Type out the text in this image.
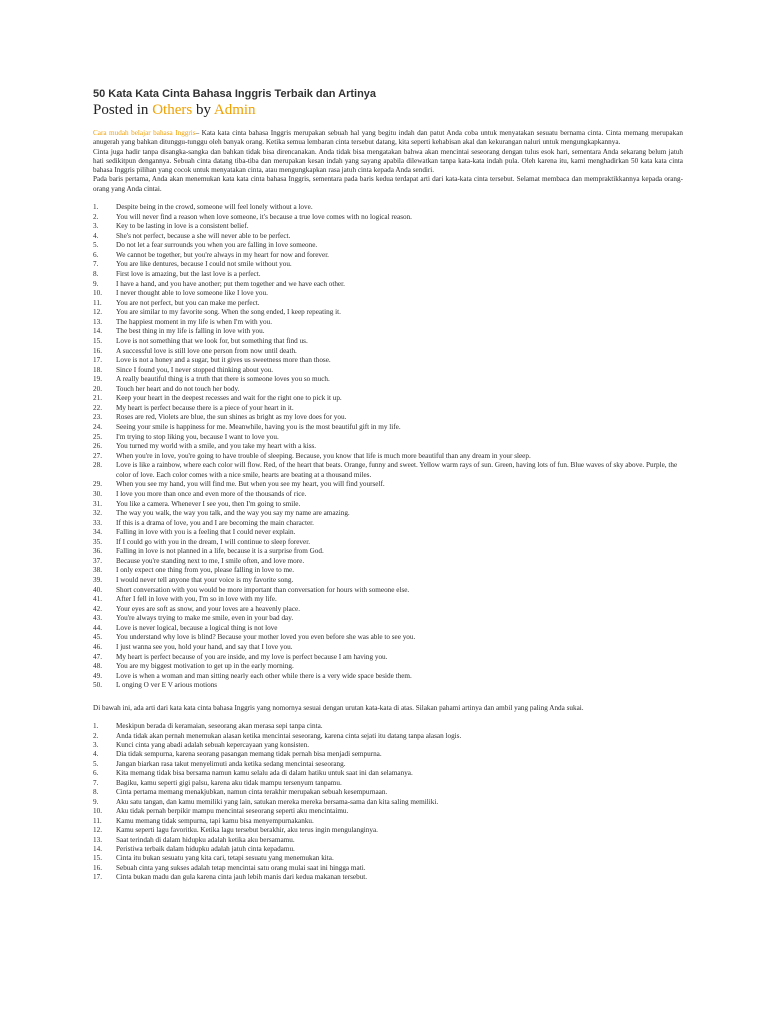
50 Kata Kata Cinta Bahasa Inggris Terbaik dan Artinya
Posted in Others by Admin

Cara mudah belajar bahasa Inggris– Kata kata cinta bahasa Inggris merupakan sebuah hal yang begitu indah dan patut Anda coba untuk menyatakan sesuatu bernama cinta. Cinta memang merupakan anugerah yang bahkan ditunggu-tunggu oleh banyak orang. Ketika semua lembaran cinta tersebut datang, kita seperti kehabisan akal dan kekurangan naluri untuk mengungkapkannya.

Cinta juga hadir tanpa disangka-sangka dan bahkan tidak bisa direncanakan. Anda tidak bisa mengatakan bahwa akan mencintai seseorang dengan tulus esok hari, sementara Anda sekarang belum jatuh hati sedikitpun dengannya. Sebuah cinta datang tiba-tiba dan merupakan kesan indah yang sayang apabila dilewatkan tanpa kata-kata indah pula. Oleh karena itu, kami menghadirkan 50 kata kata cinta bahasa Inggris pilihan yang cocok untuk menyatakan cinta, atau mengungkapkan rasa jatuh cinta kepada Anda sendiri.

Pada baris pertama, Anda akan menemukan kata kata cinta bahasa Inggris, sementara pada baris kedua terdapat arti dari kata-kata cinta tersebut. Selamat membaca dan mempraktikkannya kepada orang-orang yang Anda cintai.

1.	Despite being in the crowd, someone will feel lonely without a love.
2.	You will never find a reason when love someone, it's because a true love comes with no logical reason.
3.	Key to be lasting in love is a consistent belief.
4.	She's not perfect, because a she will never able to be perfect.
5.	Do not let a fear surrounds you when you are falling in love someone.
6.	We cannot be together, but you're always in my heart for now and forever.
7.	You are like dentures, because I could not smile without you.
8.	First love is amazing, but the last love is a perfect.
9.	I have a hand, and you have another; put them together and we have each other.
10.	I never thought able to love someone like I love you.
11.	You are not perfect, but you can make me perfect.
12.	You are similar to my favorite song. When the song ended, I keep repeating it.
13.	The happiest moment in my life is when I'm with you.
14.	The best thing in my life is falling in love with you.
15.	Love is not something that we look for, but something that find us.
16.	A successful love is still love one person from now until death.
17.	Love is not a honey and a sugar, but it gives us sweetness more than those.
18.	Since I found you, I never stopped thinking about you.
19.	A really beautiful thing is a truth that there is someone loves you so much.
20.	Touch her heart and do not touch her body.
21.	Keep your heart in the deepest recesses and wait for the right one to pick it up.
22.	My heart is perfect because there is a piece of your heart in it.
23.	Roses are red, Violets are blue, the sun shines as bright as my love does for you.
24.	Seeing your smile is happiness for me. Meanwhile, having you is the most beautiful gift in my life.
25.	I'm trying to stop liking you, because I want to love you.
26.	You turned my world with a smile, and you take my heart with a kiss.
27.	When you're in love, you're going to have trouble of sleeping. Because, you know that life is much more beautiful than any dream in your sleep.
28.	Love is like a rainbow, where each color will flow. Red, of the heart that beats. Orange, funny and sweet. Yellow warm rays of sun. Green, having lots of fun. Blue waves of sky above. Purple, the color of love. Each color comes with a nice smile, hearts are beating at a thousand miles.
29.	When you see my hand, you will find me. But when you see my heart, you will find yourself.
30.	I love you more than once and even more of the thousands of rice.
31.	You like a camera. Whenever I see you, then I'm going to smile.
32.	The way you walk, the way you talk, and the way you say my name are amazing.
33.	If this is a drama of love, you and I are becoming the main character.
34.	Falling in love with you is a feeling that I could never explain.
35.	If I could go with you in the dream, I will continue to sleep forever.
36.	Falling in love is not planned in a life, because it is a surprise from God.
37.	Because you're standing next to me, I smile often, and love more.
38.	I only expect one thing from you, please falling in love to me.
39.	I would never tell anyone that your voice is my favorite song.
40.	Short conversation with you would be more important than conversation for hours with someone else.
41.	After I fell in love with you, I'm so in love with my life.
42.	Your eyes are soft as snow, and your loves are a heavenly place.
43.	You're always trying to make me smile, even in your bad day.
44.	Love is never logical, because a logical thing is not love
45.	You understand why love is blind? Because your mother loved you even before she was able to see you.
46.	I just wanna see you, hold your hand, and say that I love you.
47.	My heart is perfect because of you are inside, and my love is perfect because I am having you.
48.	You are my biggest motivation to get up in the early morning.
49.	Love is when a woman and man sitting nearly each other while there is a very wide space beside them.
50.	L onging O ver E V arious motions

Di bawah ini, ada arti dari kata kata cinta bahasa Inggris yang nomornya sesuai dengan urutan kata-kata di atas. Silakan pahami artinya dan ambil yang paling Anda sukai.

1.	Meskipun berada di keramaian, seseorang akan merasa sepi tanpa cinta.
2.	Anda tidak akan pernah menemukan alasan ketika mencintai seseorang, karena cinta sejati itu datang tanpa alasan logis.
3.	Kunci cinta yang abadi adalah sebuah kepercayaan yang konsisten.
4.	Dia tidak sempurna, karena seorang pasangan memang tidak pernah bisa menjadi sempurna.
5.	Jangan biarkan rasa takut menyelimuti anda ketika sedang mencintai seseorang.
6.	Kita memang tidak bisa bersama namun kamu selalu ada di dalam hatiku untuk saat ini dan selamanya.
7.	Bagiku, kamu seperti gigi palsu, karena aku tidak mampu tersenyum tanpamu.
8.	Cinta pertama memang menakjubkan, namun cinta terakhir merupakan sebuah kesempurnaan.
9.	Aku satu tangan, dan kamu memiliki yang lain, satukan mereka mereka bersama-sama dan kita saling memiliki.
10.	Aku tidak pernah berpikir mampu mencintai seseorang seperti aku mencintaimu.
11.	Kamu memang tidak sempurna, tapi kamu bisa menyempurnakanku.
12.	Kamu seperti lagu favoritku. Ketika lagu tersebut berakhir, aku terus ingin mengulanginya.
13.	Saat terindah di dalam hidupku adalah ketika aku bersamamu.
14.	Peristiwa terbaik dalam hidupku adalah jatuh cinta kepadamu.
15.	Cinta itu bukan sesuatu yang kita cari, tetapi sesuatu yang menemukan kita.
16.	Sebuah cinta yang sukses adalah tetap mencintai satu orang mulai saat ini hingga mati.
17.	Cinta bukan madu dan gula karena cinta jauh lebih manis dari kedua makanan tersebut.
